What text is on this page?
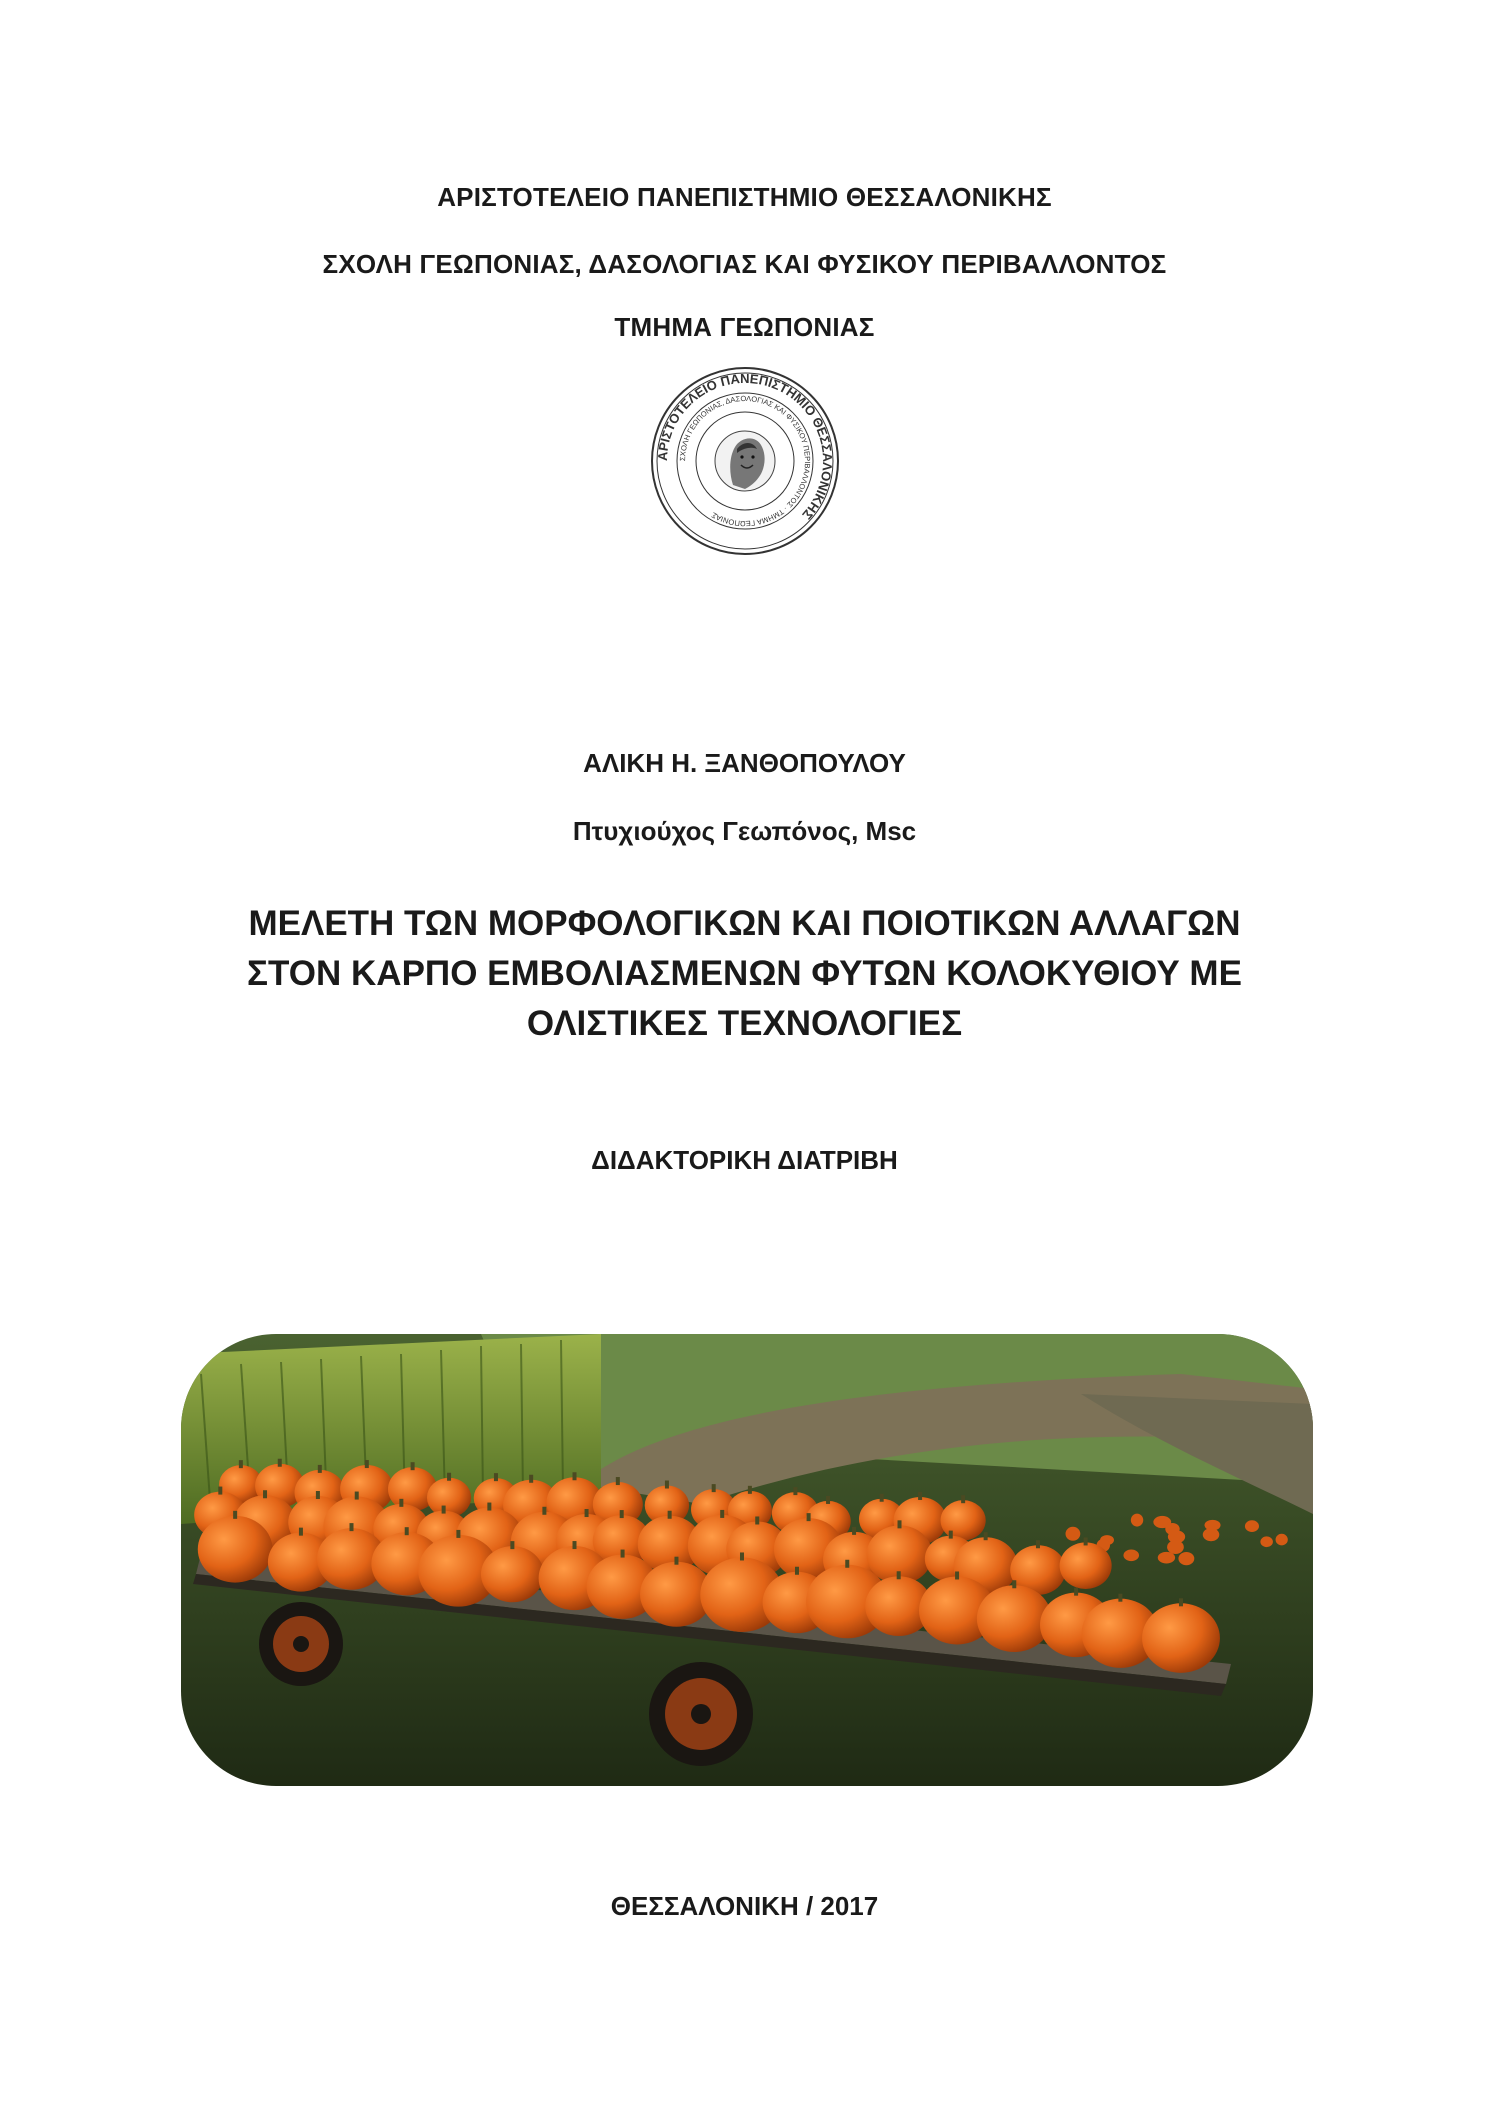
ΑΡΙΣΤΟΤΕΛΕΙΟ ΠΑΝΕΠΙΣΤΗΜΙΟ ΘΕΣΣΑΛΟΝΙΚΗΣ
ΣΧΟΛΗ ΓΕΩΠΟΝΙΑΣ, ΔΑΣΟΛΟΓΙΑΣ ΚΑΙ ΦΥΣΙΚΟΥ ΠΕΡΙΒΑΛΛΟΝΤΟΣ
ΤΜΗΜΑ ΓΕΩΠΟΝΙΑΣ
ΑΡΙΣΤΟΤΕΛΕΙΟ ΠΑΝΕΠΙΣΤΗΜΙΟ ΘΕΣΣΑΛΟΝΙΚΗΣ
ΣΧΟΛΗ ΓΕΩΠΟΝΙΑΣ, ΔΑΣΟΛΟΓΙΑΣ ΚΑΙ ΦΥΣΙΚΟΥ ΠΕΡΙΒΑΛΛΟΝΤΟΣ · ΤΜΗΜΑ ΓΕΩΠΟΝΙΑΣ
ΑΛΙΚΗ Η. ΞΑΝΘΟΠΟΥΛΟΥ
Πτυχιούχος Γεωπόνος, Msc
ΜΕΛΕΤΗ ΤΩΝ ΜΟΡΦΟΛΟΓΙΚΩΝ ΚΑΙ ΠΟΙΟΤΙΚΩΝ ΑΛΛΑΓΩΝ
ΣΤΟΝ ΚΑΡΠΟ ΕΜΒΟΛΙΑΣΜΕΝΩΝ ΦΥΤΩΝ ΚΟΛΟΚΥΘΙΟΥ ΜΕ
ΟΛΙΣΤΙΚΕΣ ΤΕΧΝΟΛΟΓΙΕΣ
ΔΙΔΑΚΤΟΡΙΚΗ ΔΙΑΤΡΙΒΗ
ΘΕΣΣΑΛΟΝΙΚΗ / 2017
